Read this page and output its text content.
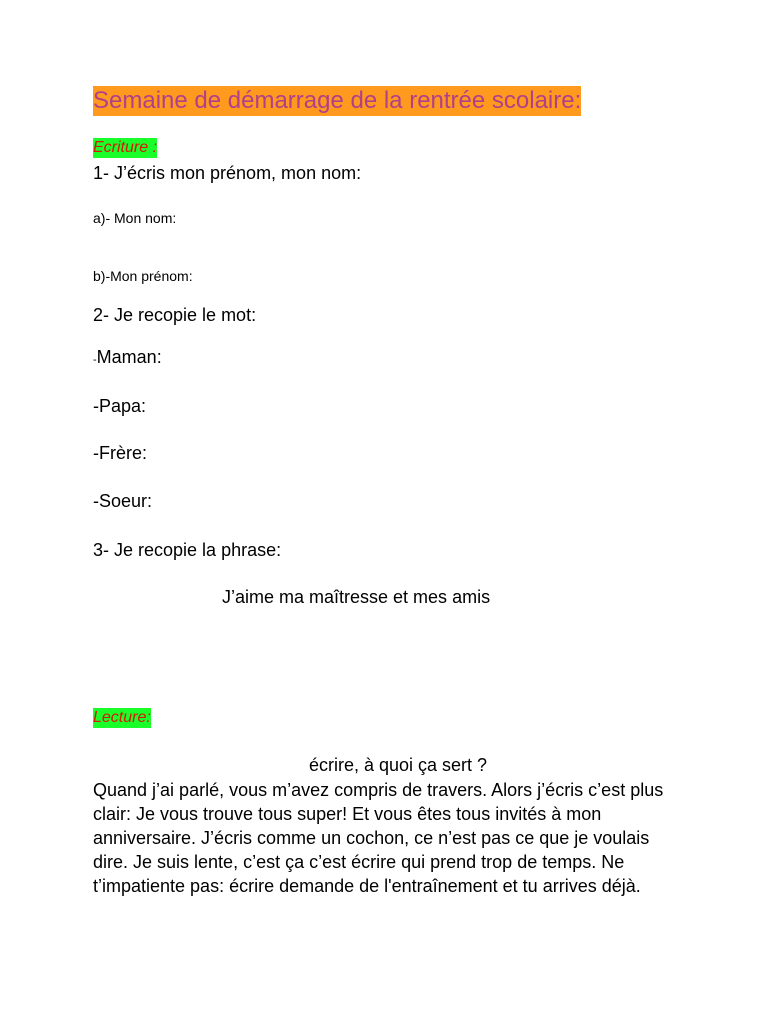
Semaine de démarrage de la rentrée scolaire:
Ecriture :
1- J’écris mon prénom, mon nom:
a)- Mon nom:
b)-Mon prénom:
2- Je recopie le mot:
-Maman:
-Papa:
-Frère:
-Soeur:
3- Je recopie la phrase:
J’aime ma maîtresse et mes amis
Lecture:
écrire, à quoi ça sert ?

Quand j’ai parlé, vous m’avez compris de travers. Alors j’écris c’est plus clair: Je vous trouve tous super! Et vous êtes tous invités à mon anniversaire. J’écris comme un cochon, ce n’est pas ce que je voulais dire. Je suis lente, c’est ça c’est écrire qui prend trop de temps. Ne t’impatiente pas: écrire demande de l'entraînement et tu arrives déjà.
